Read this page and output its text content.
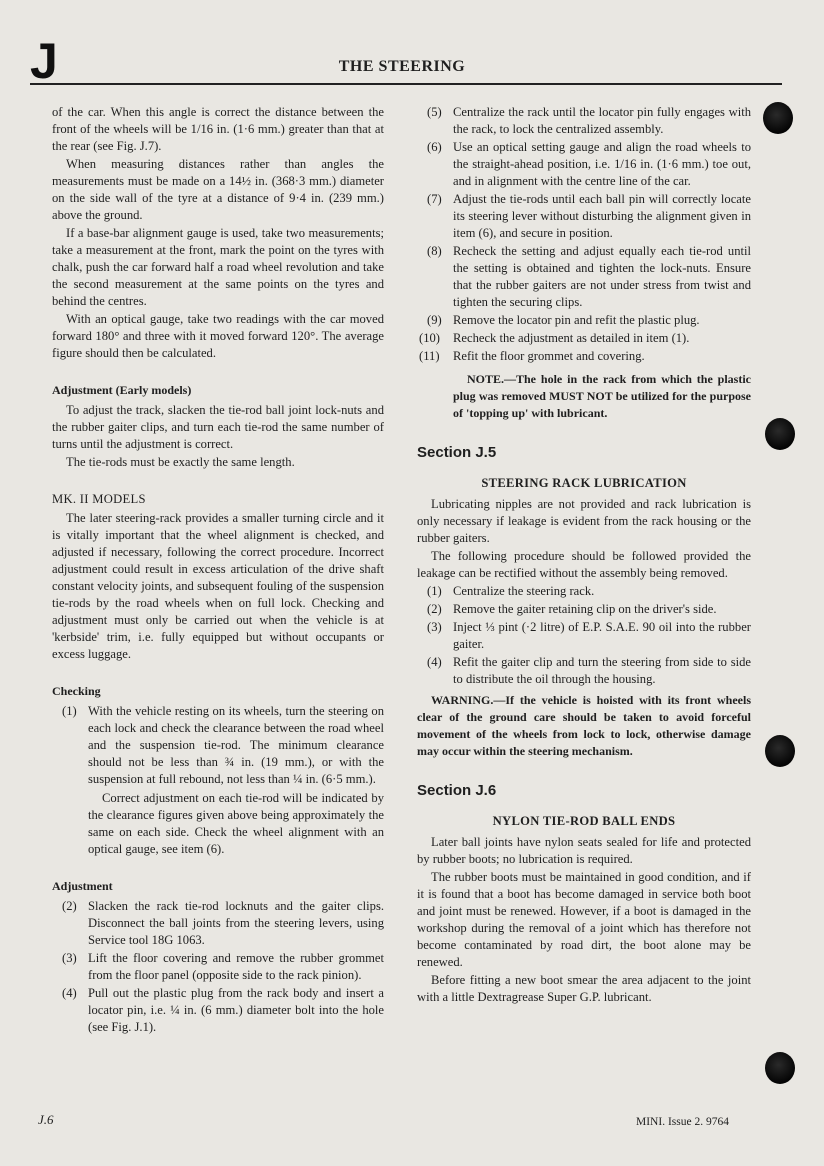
J	THE STEERING

of the car. When this angle is correct the distance between the front of the wheels will be 1/16 in. (1·6 mm.) greater than that at the rear (see Fig. J.7).

When measuring distances rather than angles the measurements must be made on a 14½ in. (368·3 mm.) diameter on the side wall of the tyre at a distance of 9·4 in. (239 mm.) above the ground.

If a base-bar alignment gauge is used, take two measurements; take a measurement at the front, mark the point on the tyres with chalk, push the car forward half a road wheel revolution and take the second measurement at the same points on the tyres and behind the centres.

With an optical gauge, take two readings with the car moved forward 180° and three with it moved forward 120°. The average figure should then be calculated.

Adjustment (Early models)

To adjust the track, slacken the tie-rod ball joint lock-nuts and the rubber gaiter clips, and turn each tie-rod the same number of turns until the adjustment is correct.

The tie-rods must be exactly the same length.

MK. II MODELS

The later steering-rack provides a smaller turning circle and it is vitally important that the wheel alignment is checked, and adjusted if necessary, following the correct procedure. Incorrect adjustment could result in excess articulation of the drive shaft constant velocity joints, and subsequent fouling of the suspension tie-rods by the road wheels when on full lock. Checking and adjustment must only be carried out when the vehicle is at 'kerbside' trim, i.e. fully equipped but without occupants or excess luggage.

Checking
(1) With the vehicle resting on its wheels, turn the steering on each lock and check the clearance between the road wheel and the suspension tie-rod. The minimum clearance should not be less than ¾ in. (19 mm.), or with the suspension at full rebound, not less than ¼ in. (6·5 mm.).
Correct adjustment on each tie-rod will be indicated by the clearance figures given above being approximately the same on each side. Check the wheel alignment with an optical gauge, see item (6).
Adjustment
(2) Slacken the rack tie-rod locknuts and the gaiter clips. Disconnect the ball joints from the steering levers, using Service tool 18G 1063.
(3) Lift the floor covering and remove the rubber grommet from the floor panel (opposite side to the rack pinion).
(4) Pull out the plastic plug from the rack body and insert a locator pin, i.e. ¼ in. (6 mm.) diameter bolt into the hole (see Fig. J.1).
(5) Centralize the rack until the locator pin fully engages with the rack, to lock the centralized assembly.
(6) Use an optical setting gauge and align the road wheels to the straight-ahead position, i.e. 1/16 in. (1·6 mm.) toe out, and in alignment with the centre line of the car.
(7) Adjust the tie-rods until each ball pin will correctly locate its steering lever without disturbing the alignment given in item (6), and secure in position.
(8) Recheck the setting and adjust equally each tie-rod until the setting is obtained and tighten the lock-nuts. Ensure that the rubber gaiters are not under stress from twist and tighten the securing clips.
(9) Remove the locator pin and refit the plastic plug.
(10) Recheck the adjustment as detailed in item (1).
(11) Refit the floor grommet and covering.
NOTE.—The hole in the rack from which the plastic plug was removed MUST NOT be utilized for the purpose of 'topping up' with lubricant.
Section J.5
STEERING RACK LUBRICATION

Lubricating nipples are not provided and rack lubrication is only necessary if leakage is evident from the rack housing or the rubber gaiters.

The following procedure should be followed provided the leakage can be rectified without the assembly being removed.

(1) Centralize the steering rack.
(2) Remove the gaiter retaining clip on the driver's side.
(3) Inject ⅓ pint (·2 litre) of E.P. S.A.E. 90 oil into the rubber gaiter.
(4) Refit the gaiter clip and turn the steering from side to side to distribute the oil through the housing.
WARNING.—If the vehicle is hoisted with its front wheels clear of the ground care should be taken to avoid forceful movement of the wheels from lock to lock, otherwise damage may occur within the steering mechanism.
Section J.6
NYLON TIE-ROD BALL ENDS

Later ball joints have nylon seats sealed for life and protected by rubber boots; no lubrication is required.

The rubber boots must be maintained in good condition, and if it is found that a boot has become damaged in service both boot and joint must be renewed. However, if a boot is damaged in the workshop during the removal of a joint which has therefore not become contaminated by road dirt, the boot alone may be renewed.

Before fitting a new boot smear the area adjacent to the joint with a little Dextragrease Super G.P. lubricant.

J.6	MINI. Issue 2. 9764
